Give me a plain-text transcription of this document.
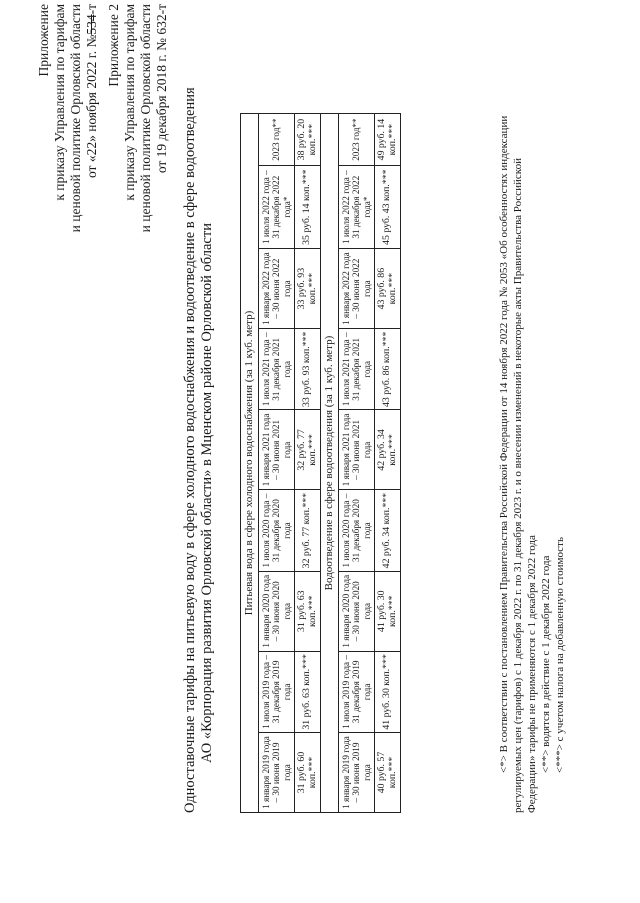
Приложение к приказу Управления по тарифам и ценовой политике Орловской области от «22» ноября 2022 г. №534-т Приложение 2 к приказу Управления по тарифам и ценовой политике Орловской области от 19 декабря 2018 г. № 632-т Одноставочные тарифы на питьевую воду в сфере холодного водоснабжения и водоотведение в сфере водоотведения АО «Корпорация развития Орловской области» в Мценском районе Орловской области	Питьевая вода в сфере холодного водоснабжения (за 1 куб. метр)								
1 января 2019 года – 30 июня 2019 года	1 июля 2019 года – 31 декабря 2019 года	1 января 2020 года – 30 июня 2020 года	1 июля 2020 года – 31 декабря 2020 года	1 января 2021 года – 30 июня 2021 года	1 июля 2021 года – 31 декабря 2021 года	1 января 2022 года – 30 июня 2022 года	1 июля 2022 года – 31 декабря 2022 года*	2023 год**
31 руб. 60 коп.***	31 руб. 63 коп.***	31 руб. 63 коп.***	32 руб. 77 коп.***	32 руб. 77 коп.***	33 руб. 93 коп.***	33 руб. 93 коп.***	35 руб. 14 коп.***	38 руб. 20 коп.***
Водоотведение в сфере водоотведения (за 1 куб. метр)								
1 января 2019 года – 30 июня 2019 года	1 июля 2019 года – 31 декабря 2019 года	1 января 2020 года – 30 июня 2020 года	1 июля 2020 года – 31 декабря 2020 года	1 января 2021 года – 30 июня 2021 года	1 июля 2021 года – 31 декабря 2021 года	1 января 2022 года – 30 июня 2022 года	1 июля 2022 года – 31 декабря 2022 года*	2023 год**
40 руб. 57 коп.***	41 руб. 30 коп.***	41 руб. 30 коп.***	42 руб. 34 коп.***	42 руб. 34 коп.***	43 руб. 86 коп.***	43 руб. 86 коп.***	45 руб. 43 коп.***	49 руб. 14 коп.***	<*> В соответствии с постановлением Правительства Российской Федерации от 14 ноября 2022 года № 2053 «Об особенностях индексации регулируемых цен (тарифов) с 1 декабря 2022 г. по 31 декабря 2023 г. и о внесении изменений в некоторые акты Правительства Российской Федерации» тарифы не применяются с 1 декабря 2022 года <**> водятся в действие с 1 декабря 2022 года <***> с учетом налога на добавленную стоимость
